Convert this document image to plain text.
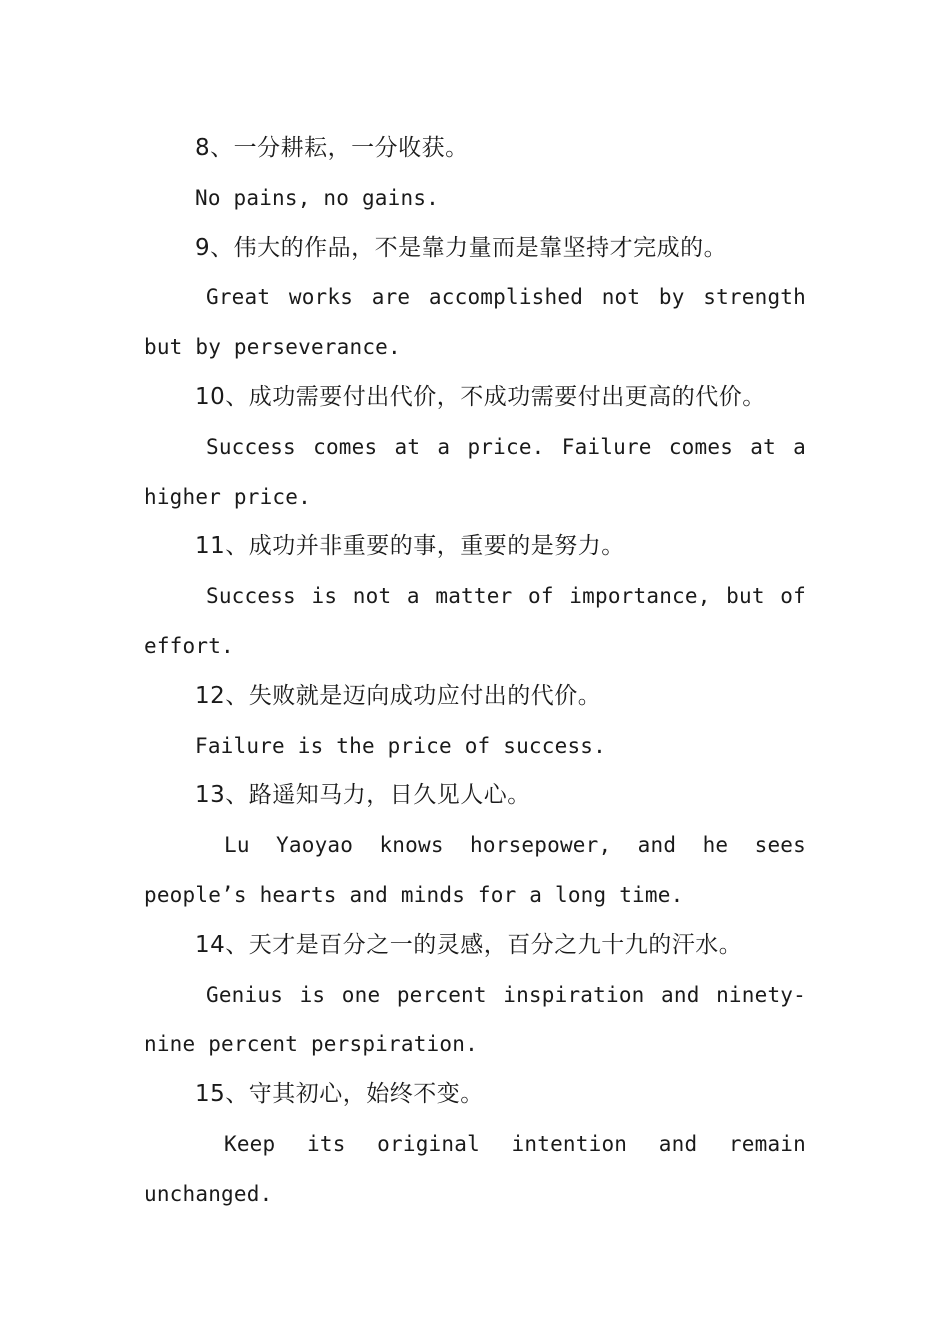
8、一分耕耘，一分收获。
No pains, no gains.
9、伟大的作品，不是靠力量而是靠坚持才完成的。
Great works are accomplished not by strength
but by perseverance.
10、成功需要付出代价，不成功需要付出更高的代价。
Success comes at a price. Failure comes at a
higher price.
11、成功并非重要的事，重要的是努力。
Success is not a matter of importance, but of
effort.
12、失败就是迈向成功应付出的代价。
Failure is the price of success.
13、路遥知马力，日久见人心。
Lu Yaoyao knows horsepower, and he sees
people’s hearts and minds for a long time.
14、天才是百分之一的灵感，百分之九十九的汗水。
Genius is one percent inspiration and ninety-
nine percent perspiration.
15、守其初心，始终不变。
Keep its original intention and remain
unchanged.
